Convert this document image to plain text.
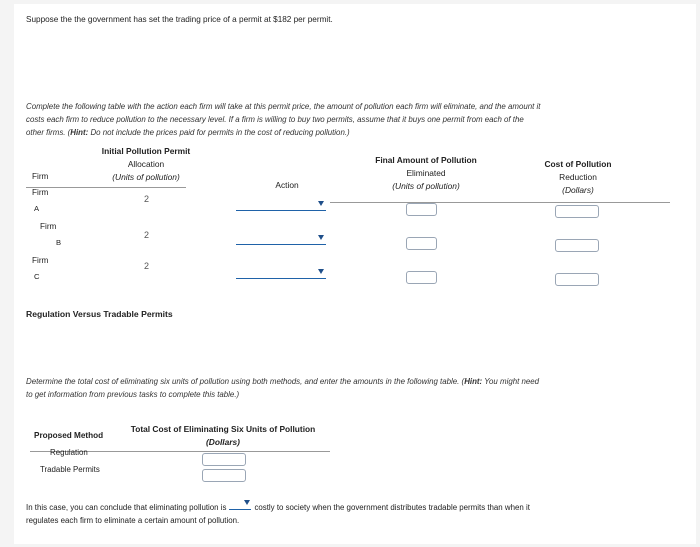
Suppose the the government has set the trading price of a permit at $182 per permit.
Complete the following table with the action each firm will take at this permit price, the amount of pollution each firm will eliminate, and the amount it
costs each firm to reduce pollution to the necessary level. If a firm is willing to buy two permits, assume that it buys one permit from each of the
other firms. (Hint: Do not include the prices paid for permits in the cost of reducing pollution.)
Initial Pollution Permit
Allocation
(Units of pollution)
Firm
Action
Final Amount of Pollution
Eliminated
(Units of pollution)
Cost of Pollution
Reduction
(Dollars)
Firm
A
2
Firm
B
2
Firm
C
2
Regulation Versus Tradable Permits
Determine the total cost of eliminating six units of pollution using both methods, and enter the amounts in the following table. (Hint: You might need
to get information from previous tasks to complete this table.)
Total Cost of Eliminating Six Units of Pollution
(Dollars)
Proposed Method
Regulation
Tradable Permits
In this case, you can conclude that eliminating pollution is	costly to society when the government distributes tradable permits than when it
regulates each firm to eliminate a certain amount of pollution.
